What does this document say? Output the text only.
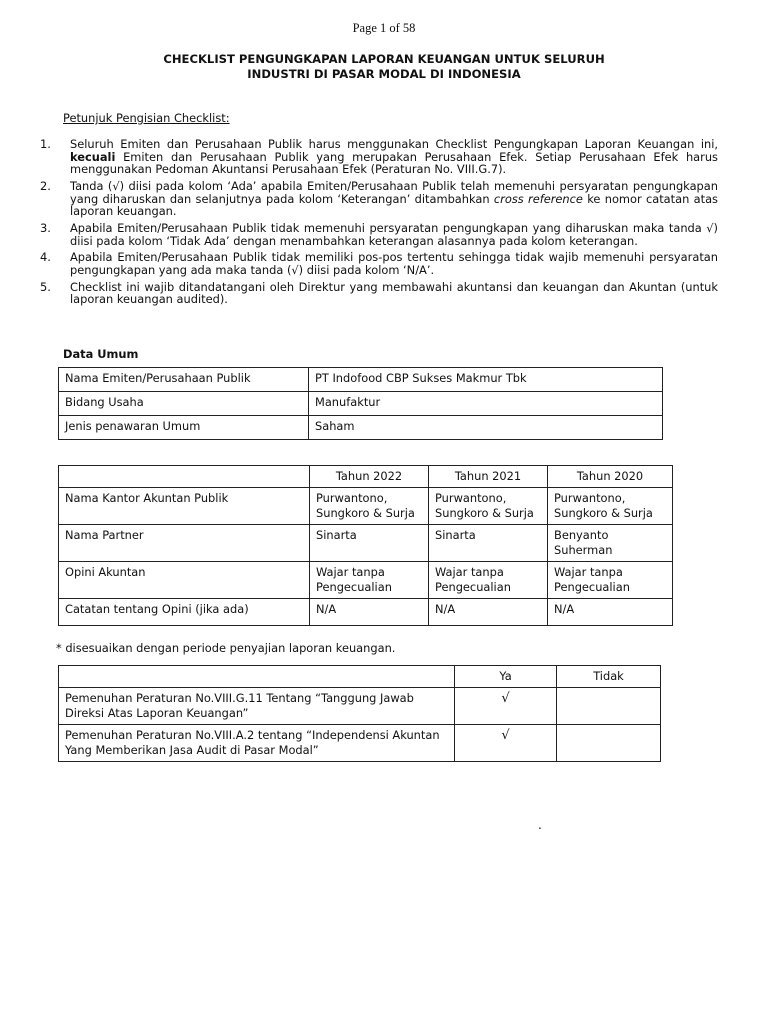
Page 1 of 58
CHECKLIST PENGUNGKAPAN LAPORAN KEUANGAN UNTUK SELURUH
INDUSTRI DI PASAR MODAL DI INDONESIA
Petunjuk Pengisian Checklist:
1.	Seluruh Emiten dan Perusahaan Publik harus menggunakan Checklist Pengungkapan Laporan Keuangan ini, kecuali Emiten dan Perusahaan Publik yang merupakan Perusahaan Efek. Setiap Perusahaan Efek harus menggunakan Pedoman Akuntansi Perusahaan Efek (Peraturan No. VIII.G.7).
2.	Tanda (√) diisi pada kolom ‘Ada’ apabila Emiten/Perusahaan Publik telah memenuhi persyaratan pengungkapan yang diharuskan dan selanjutnya pada kolom ‘Keterangan’ ditambahkan cross reference ke nomor catatan atas laporan keuangan.
3.	Apabila Emiten/Perusahaan Publik tidak memenuhi persyaratan pengungkapan yang diharuskan maka tanda √) diisi pada kolom ‘Tidak Ada’ dengan menambahkan keterangan alasannya pada kolom keterangan.
4.	Apabila Emiten/Perusahaan Publik tidak memiliki pos-pos tertentu sehingga tidak wajib memenuhi persyaratan pengungkapan yang ada maka tanda (√) diisi pada kolom ‘N/A’.
5.	Checklist ini wajib ditandatangani oleh Direktur yang membawahi akuntansi dan keuangan dan Akuntan (untuk laporan keuangan audited).
Data Umum
Nama Emiten/Perusahaan Publik	PT Indofood CBP Sukses Makmur Tbk
Bidang Usaha	Manufaktur
Jenis penawaran Umum	Saham
	Tahun 2022	Tahun 2021	Tahun 2020
Nama Kantor Akuntan Publik	Purwantono, Sungkoro & Surja	Purwantono, Sungkoro & Surja	Purwantono, Sungkoro & Surja
Nama Partner	Sinarta	Sinarta	Benyanto Suherman
Opini Akuntan	Wajar tanpa Pengecualian	Wajar tanpa Pengecualian	Wajar tanpa Pengecualian
Catatan tentang Opini (jika ada)	N/A	N/A	N/A
* disesuaikan dengan periode penyajian laporan keuangan.
	Ya	Tidak
Pemenuhan Peraturan No.VIII.G.11 Tentang “Tanggung Jawab Direksi Atas Laporan Keuangan”	√	
Pemenuhan Peraturan No.VIII.A.2 tentang “Independensi Akuntan Yang Memberikan Jasa Audit di Pasar Modal”	√	
.
